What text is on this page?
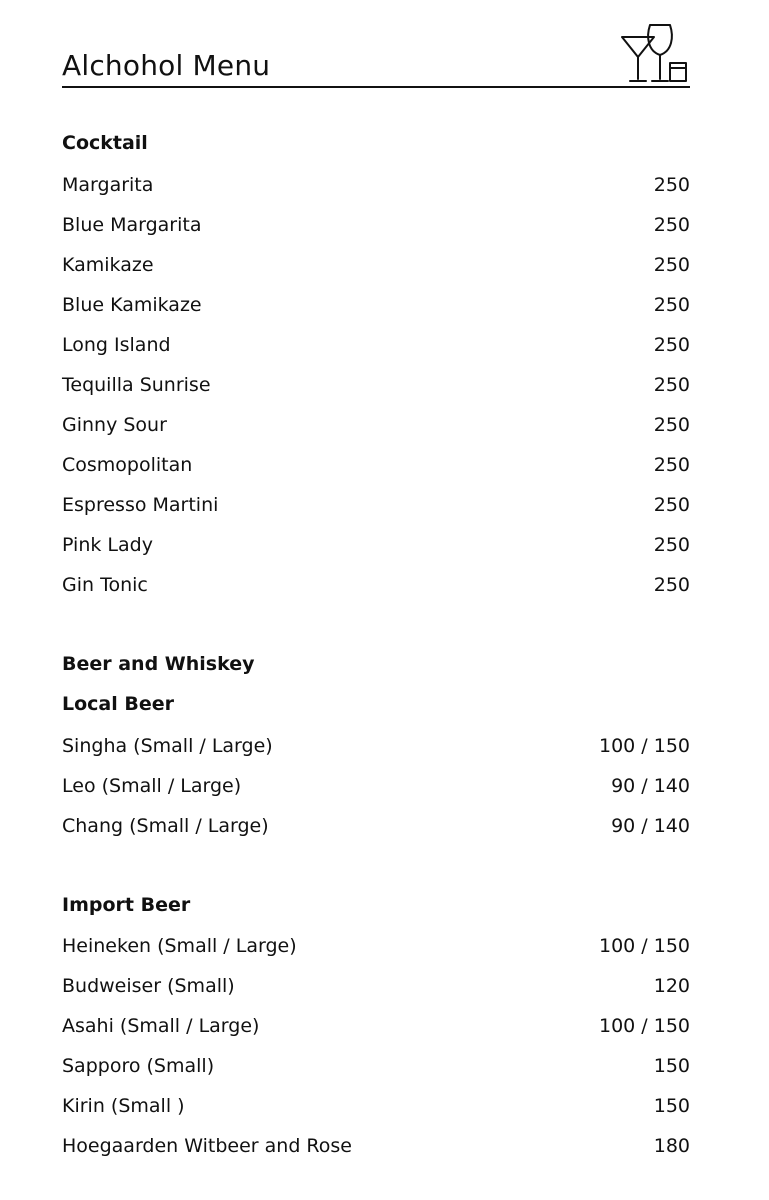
Alchohol Menu
Cocktail
Margarita	250
Blue Margarita	250
Kamikaze	250
Blue Kamikaze	250
Long Island	250
Tequilla Sunrise	250
Ginny Sour	250
Cosmopolitan	250
Espresso Martini	250
Pink Lady	250
Gin Tonic	250
Beer and Whiskey
Local Beer
Singha (Small / Large)	100 / 150
Leo (Small / Large)	90 / 140
Chang (Small / Large)	90 / 140
Import Beer
Heineken (Small / Large)	100 / 150
Budweiser (Small)	120
Asahi (Small / Large)	100 / 150
Sapporo (Small)	150
Kirin (Small )	150
Hoegaarden Witbeer and Rose	180
